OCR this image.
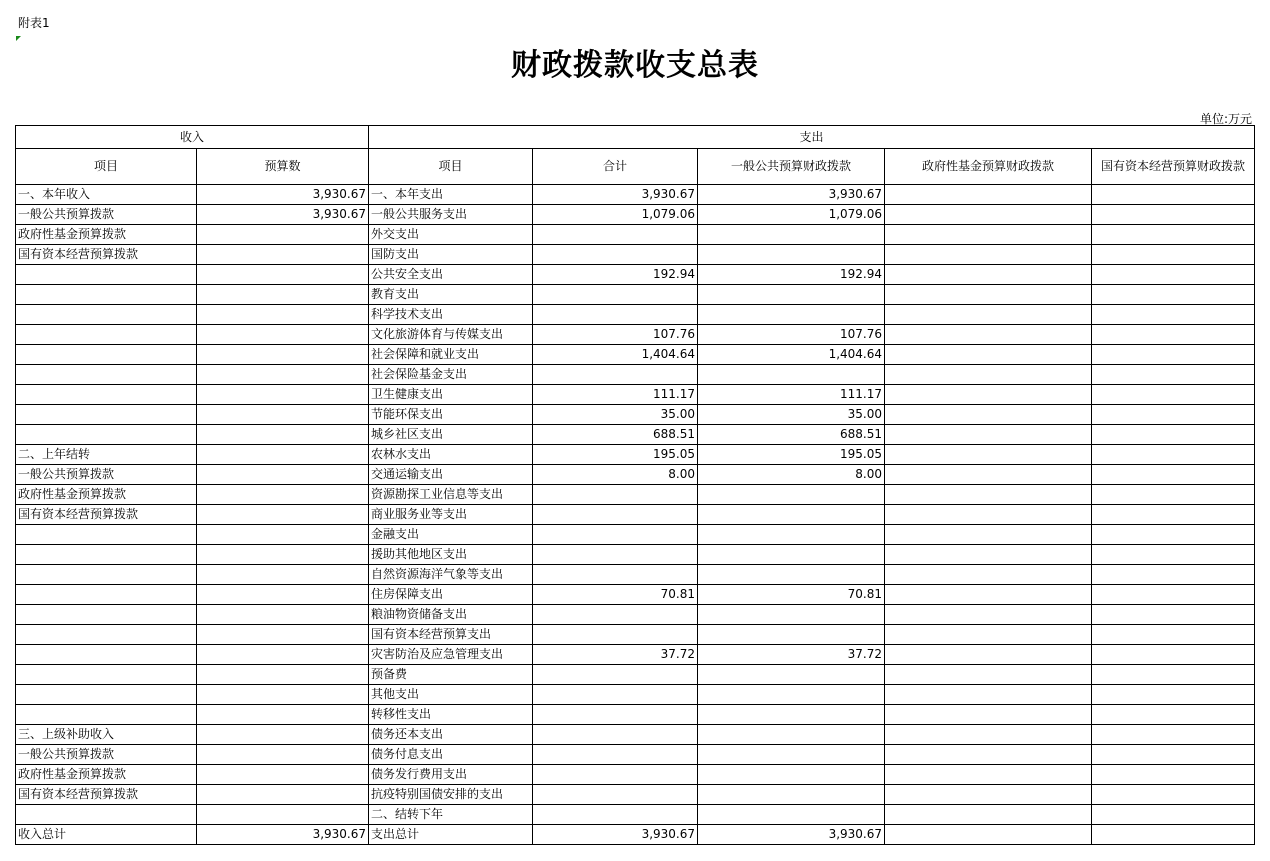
附表1
财政拨款收支总表
单位:万元
收入		支出				
项目	预算数	项目	合计	一般公共预算财政拨款	政府性基金预算财政拨款	国有资本经营预算财政拨款
一、本年收入	3,930.67	一、本年支出	3,930.67	3,930.67		
一般公共预算拨款	3,930.67	一般公共服务支出	1,079.06	1,079.06		
政府性基金预算拨款		外交支出				
国有资本经营预算拨款		国防支出				
		公共安全支出	192.94	192.94		
		教育支出				
		科学技术支出				
		文化旅游体育与传媒支出	107.76	107.76		
		社会保障和就业支出	1,404.64	1,404.64		
		社会保险基金支出				
		卫生健康支出	111.17	111.17		
		节能环保支出	35.00	35.00		
		城乡社区支出	688.51	688.51		
二、上年结转		农林水支出	195.05	195.05		
一般公共预算拨款		交通运输支出	8.00	8.00		
政府性基金预算拨款		资源勘探工业信息等支出				
国有资本经营预算拨款		商业服务业等支出				
		金融支出				
		援助其他地区支出				
		自然资源海洋气象等支出				
		住房保障支出	70.81	70.81		
		粮油物资储备支出				
		国有资本经营预算支出				
		灾害防治及应急管理支出	37.72	37.72		
		预备费				
		其他支出				
		转移性支出				
三、上级补助收入		债务还本支出				
一般公共预算拨款		债务付息支出				
政府性基金预算拨款		债务发行费用支出				
国有资本经营预算拨款		抗疫特别国债安排的支出				
		二、结转下年				
收入总计	3,930.67	支出总计	3,930.67	3,930.67		
